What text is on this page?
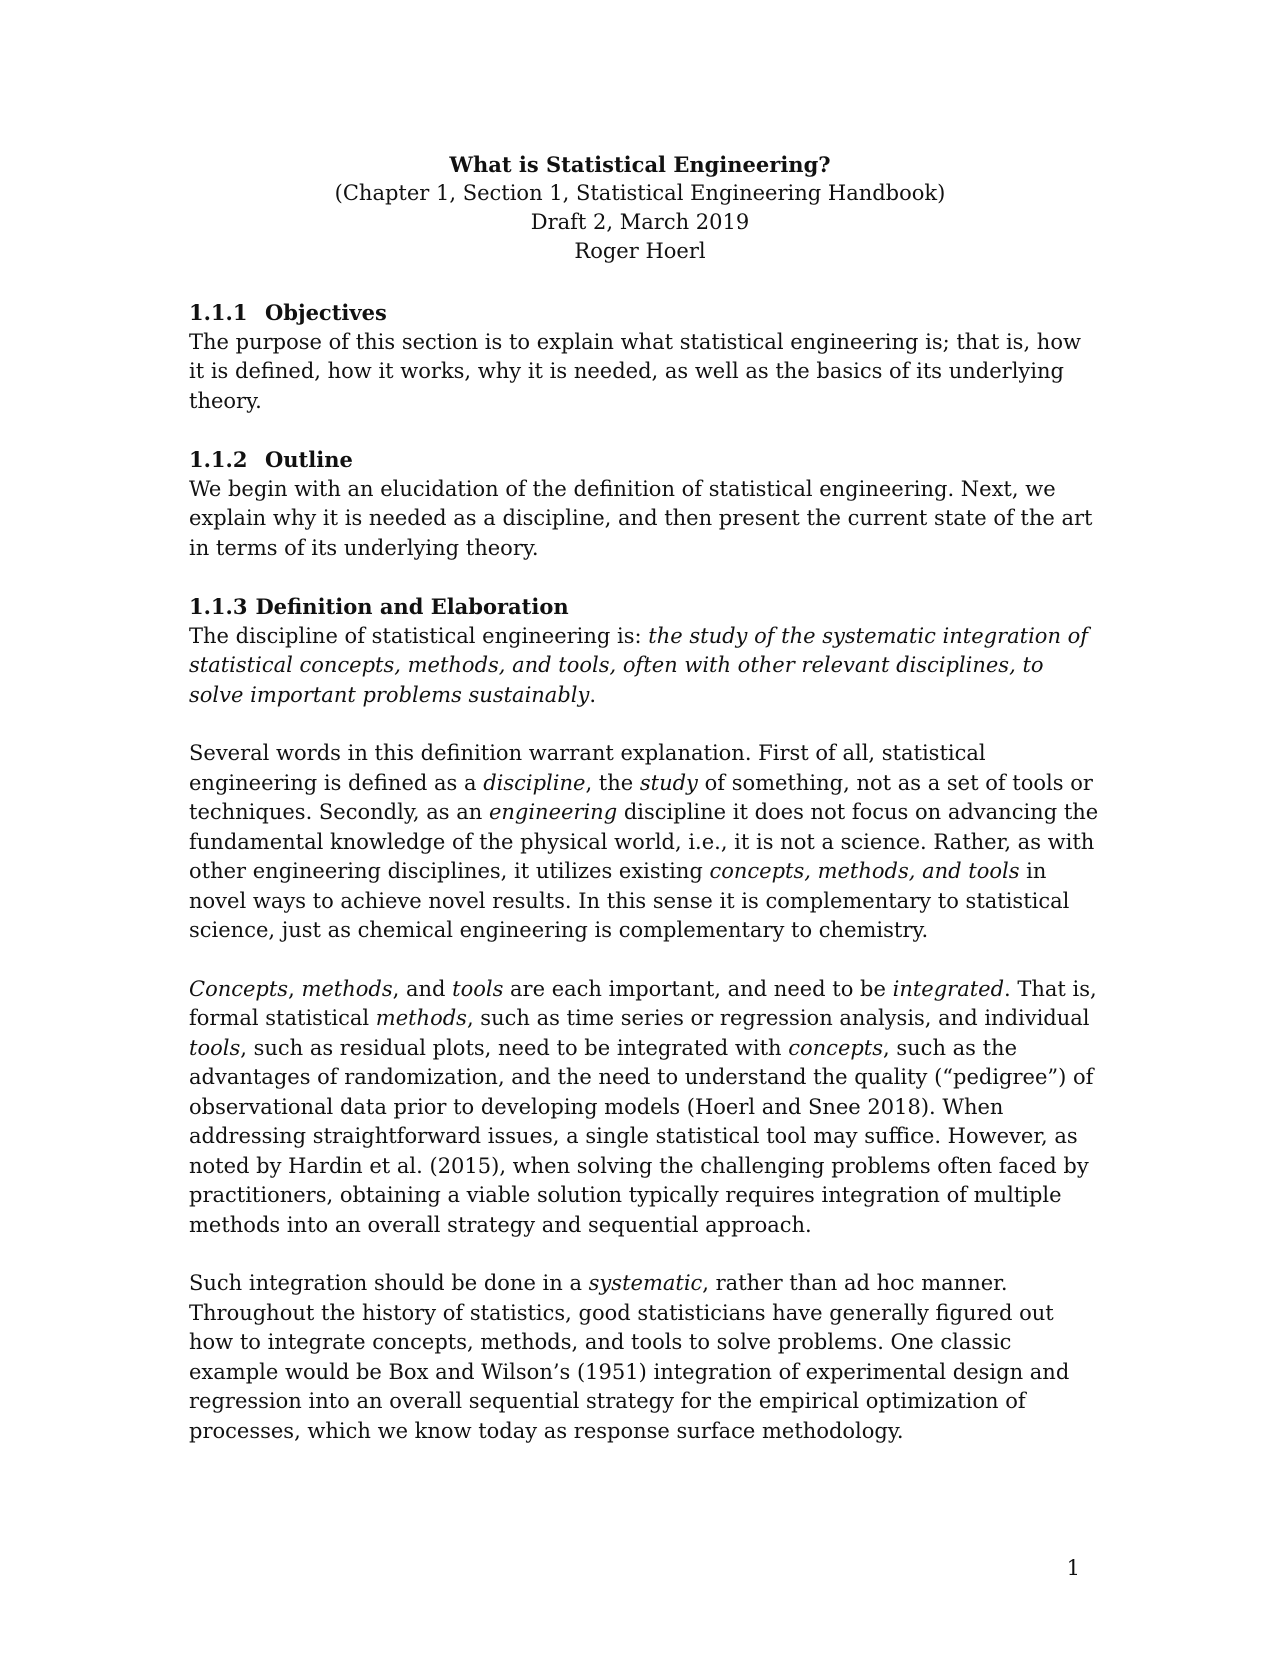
What is Statistical Engineering?
(Chapter 1, Section 1, Statistical Engineering Handbook)
Draft 2, March 2019
Roger Hoerl

1.1.1 Objectives

The purpose of this section is to explain what statistical engineering is; that is, how it is defined, how it works, why it is needed, as well as the basics of its underlying theory.

1.1.2 Outline

We begin with an elucidation of the definition of statistical engineering. Next, we explain why it is needed as a discipline, and then present the current state of the art in terms of its underlying theory.

1.1.3 Definition and Elaboration

The discipline of statistical engineering is: the study of the systematic integration of statistical concepts, methods, and tools, often with other relevant disciplines, to solve important problems sustainably.

Several words in this definition warrant explanation. First of all, statistical engineering is defined as a discipline, the study of something, not as a set of tools or techniques. Secondly, as an engineering discipline it does not focus on advancing the fundamental knowledge of the physical world, i.e., it is not a science. Rather, as with other engineering disciplines, it utilizes existing concepts, methods, and tools in novel ways to achieve novel results. In this sense it is complementary to statistical science, just as chemical engineering is complementary to chemistry.

Concepts, methods, and tools are each important, and need to be integrated. That is, formal statistical methods, such as time series or regression analysis, and individual tools, such as residual plots, need to be integrated with concepts, such as the advantages of randomization, and the need to understand the quality (“pedigree”) of observational data prior to developing models (Hoerl and Snee 2018). When addressing straightforward issues, a single statistical tool may suffice. However, as noted by Hardin et al. (2015), when solving the challenging problems often faced by practitioners, obtaining a viable solution typically requires integration of multiple methods into an overall strategy and sequential approach.

Such integration should be done in a systematic, rather than ad hoc manner. Throughout the history of statistics, good statisticians have generally figured out how to integrate concepts, methods, and tools to solve problems. One classic example would be Box and Wilson’s (1951) integration of experimental design and regression into an overall sequential strategy for the empirical optimization of processes, which we know today as response surface methodology.

1
